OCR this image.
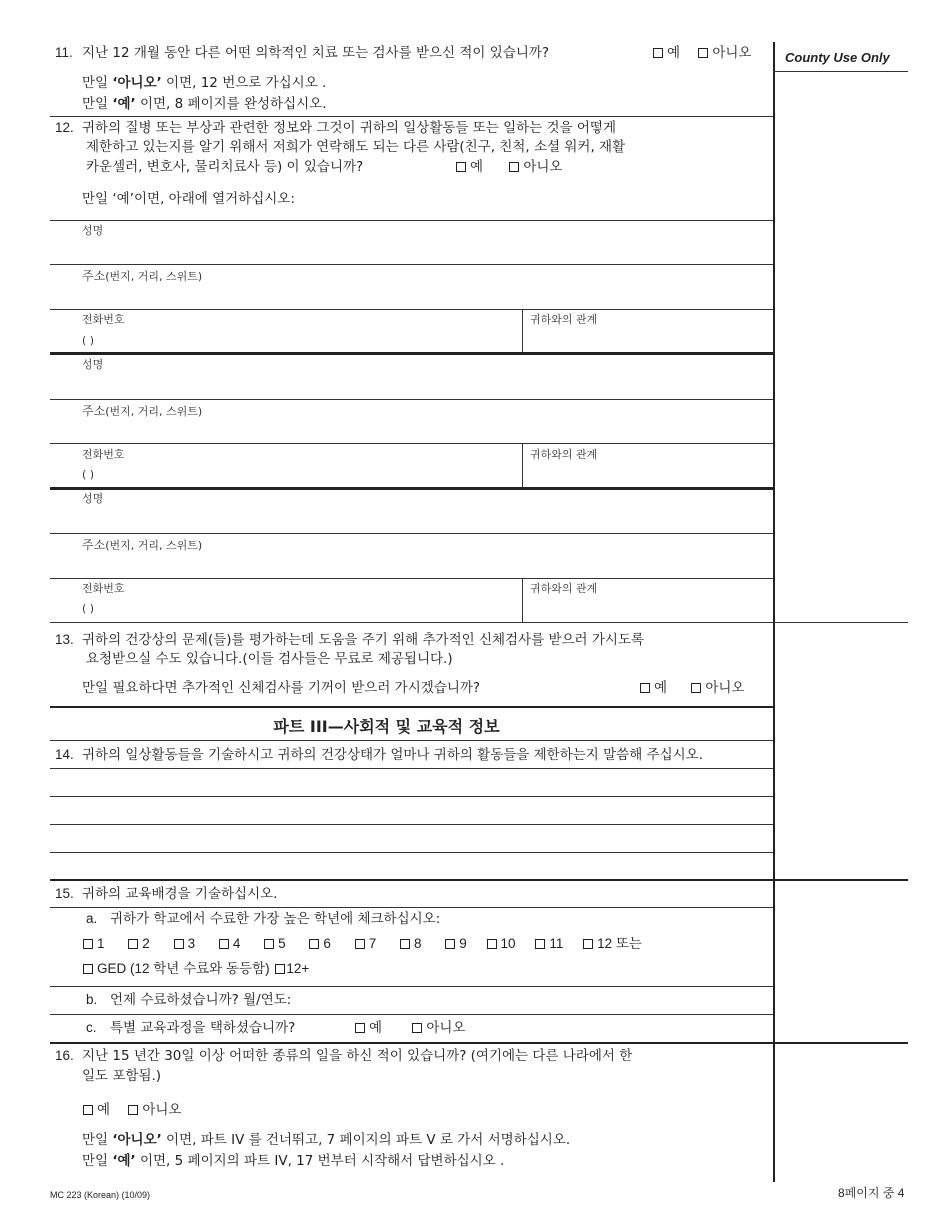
County Use Only
11. 지난 12 개월 동안 다른 어떤 의학적인 치료 또는 검사를 받으신 적이 있습니까?	예
아니오
만일 ‘아니오’ 이면, 12 번으로 가십시오 .
만일 ‘예’ 이면, 8 페이지를 완성하십시오.
12. 귀하의 질병 또는 부상과 관련한 정보와 그것이 귀하의 일상활동들 또는 일하는 것을 어떻게
제한하고 있는지를 알기 위해서 저희가 연락해도 되는 다른 사람(친구, 친척, 소셜 워커, 재활
카운셀러, 변호사, 물리치료사 등) 이 있습니까?	예
	아니오
만일 ‘예’이면, 아래에 열거하십시오:
성명
주소(번지, 거리, 스위트)
전화번호
( )
귀하와의 관계
성명
주소(번지, 거리, 스위트)
전화번호
( )
귀하와의 관계
성명
주소(번지, 거리, 스위트)
전화번호
( )
귀하와의 관계
13. 귀하의 건강상의 문제(들)를 평가하는데 도움을 주기 위해 추가적인 신체검사를 받으러 가시도록
요청받으실 수도 있습니다.(이들 검사들은 무료로 제공됩니다.)
만일 필요하다면 추가적인 신체검사를 기꺼이 받으러 가시겠습니까?	예
	아니오
파트 III—사회적 및 교육적 정보
14. 귀하의 일상활동들을 기술하시고 귀하의 건강상태가 얼마나 귀하의 활동들을 제한하는지 말씀해 주십시오.
15. 귀하의 교육배경을 기술하십시오.
a. 귀하가 학교에서 수료한 가장 높은 학년에 체크하십시오:
1
	2
	3
	4
	5
	6
	7
	8
	9
	10
	11
	12 또는
GED (12 학년 수료와 동등함)
12+
b. 언제 수료하셨습니까? 월/연도:
c. 특별 교육과정을 택하셨습니까?	예
	아니오
16. 지난 15 년간 30일 이상 어떠한 종류의 일을 하신 적이 있습니까? (여기에는 다른 나라에서 한
일도 포함됨.)
예
아니오
만일 ‘아니오’ 이면, 파트 IV 를 건너뛰고, 7 페이지의 파트 V 로 가서 서명하십시오.
만일 ‘예’ 이면, 5 페이지의 파트 IV, 17 번부터 시작해서 답변하십시오 .
MC 223 (Korean) (10/09)	8페이지 중 4
